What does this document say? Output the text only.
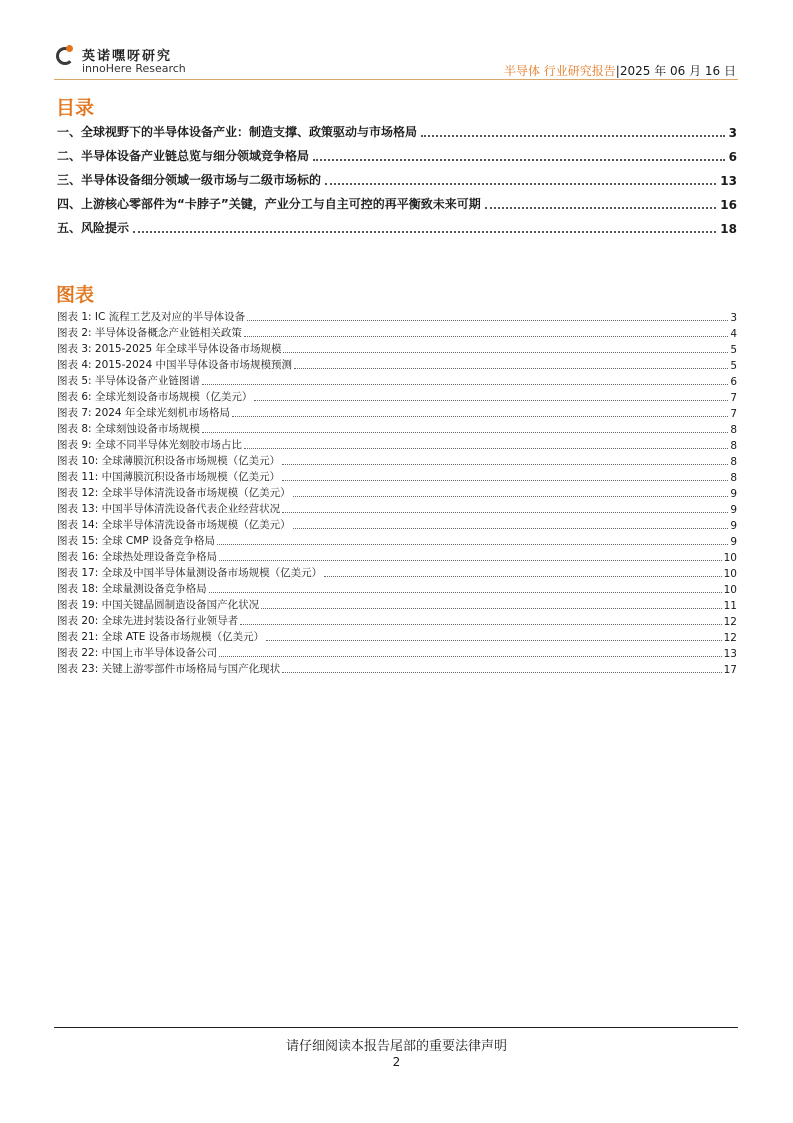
英诺嘿呀研究
innoHere Research	半导体 行业研究报告|2025 年 06 月 16 日
目录
一、全球视野下的半导体设备产业：制造支撑、政策驱动与市场格局	3
二、半导体设备产业链总览与细分领域竞争格局	6
三、半导体设备细分领域一级市场与二级市场标的	13
四、上游核心零部件为“卡脖子”关键，产业分工与自主可控的再平衡致未来可期	16
五、风险提示	18
图表
图表 1: IC 流程工艺及对应的半导体设备	3
图表 2: 半导体设备概念产业链相关政策	4
图表 3: 2015-2025 年全球半导体设备市场规模	5
图表 4: 2015-2024 中国半导体设备市场规模预测	5
图表 5: 半导体设备产业链图谱	6
图表 6: 全球光刻设备市场规模（亿美元）	7
图表 7: 2024 年全球光刻机市场格局	7
图表 8: 全球刻蚀设备市场规模	8
图表 9: 全球不同半导体光刻胶市场占比	8
图表 10: 全球薄膜沉积设备市场规模（亿美元）	8
图表 11: 中国薄膜沉积设备市场规模（亿美元）	8
图表 12: 全球半导体清洗设备市场规模（亿美元）	9
图表 13: 中国半导体清洗设备代表企业经营状况	9
图表 14: 全球半导体清洗设备市场规模（亿美元）	9
图表 15: 全球 CMP 设备竞争格局	9
图表 16: 全球热处理设备竞争格局	10
图表 17: 全球及中国半导体量测设备市场规模（亿美元）	10
图表 18: 全球量测设备竞争格局	10
图表 19: 中国关键晶圆制造设备国产化状况	11
图表 20: 全球先进封装设备行业领导者	12
图表 21: 全球 ATE 设备市场规模（亿美元）	12
图表 22: 中国上市半导体设备公司	13
图表 23: 关键上游零部件市场格局与国产化现状	17
请仔细阅读本报告尾部的重要法律声明
2
